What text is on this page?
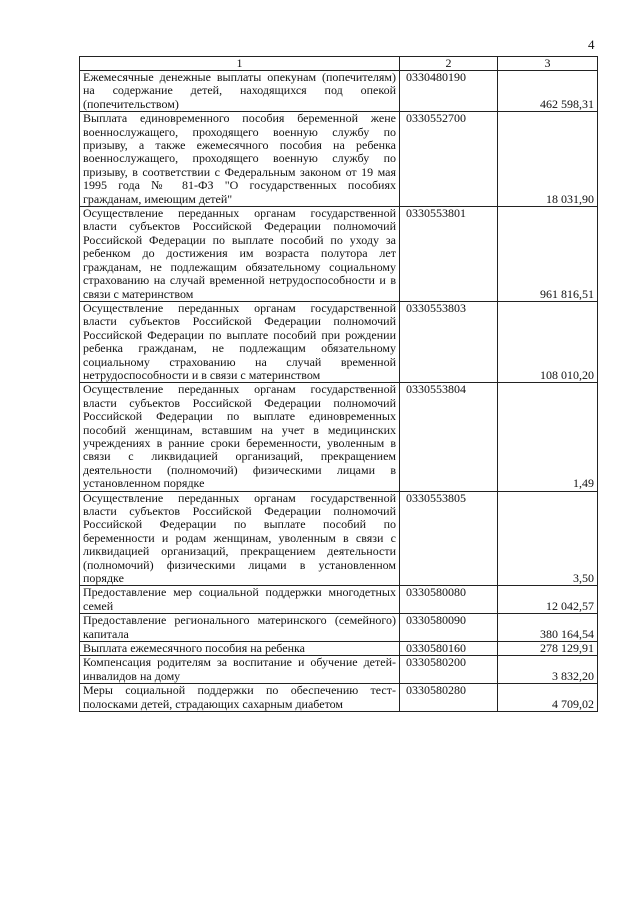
4
1	2	3
Ежемесячные денежные выплаты опекунам (попечителям) на содержание детей, находящихся под опекой (попечительством)	0330480190	462 598,31
Выплата единовременного пособия беременной жене военнослужащего, проходящего военную службу по призыву, а также ежемесячного пособия на ребенка военнослужащего, проходящего военную службу по призыву, в соответствии с Федеральным законом от 19 мая 1995 года № 81-ФЗ "О государственных пособиях гражданам, имеющим детей"	0330552700	18 031,90
Осуществление переданных органам государственной власти субъектов Российской Федерации полномочий Российской Федерации по выплате пособий по уходу за ребенком до достижения им возраста полутора лет гражданам, не подлежащим обязательному социальному страхованию на случай временной нетрудоспособности и в связи с материнством	0330553801	961 816,51
Осуществление переданных органам государственной власти субъектов Российской Федерации полномочий Российской Федерации по выплате пособий при рождении ребенка гражданам, не подлежащим обязательному социальному страхованию на случай временной нетрудоспособности и в связи с материнством	0330553803	108 010,20
Осуществление переданных органам государственной власти субъектов Российской Федерации полномочий Российской Федерации по выплате единовременных пособий женщинам, вставшим на учет в медицинских учреждениях в ранние сроки беременности, уволенным в связи с ликвидацией организаций, прекращением деятельности (полномочий) физическими лицами в установленном порядке	0330553804	1,49
Осуществление переданных органам государственной власти субъектов Российской Федерации полномочий Российской Федерации по выплате пособий по беременности и родам женщинам, уволенным в связи с ликвидацией организаций, прекращением деятельности (полномочий) физическими лицами в установленном порядке	0330553805	3,50
Предоставление мер социальной поддержки многодетных семей	0330580080	12 042,57
Предоставление регионального материнского (семейного) капитала	0330580090	380 164,54
Выплата ежемесячного пособия на ребенка	0330580160	278 129,91
Компенсация родителям за воспитание и обучение детей-инвалидов на дому	0330580200	3 832,20
Меры социальной поддержки по обеспечению тест-полосками детей, страдающих сахарным диабетом	0330580280	4 709,02
